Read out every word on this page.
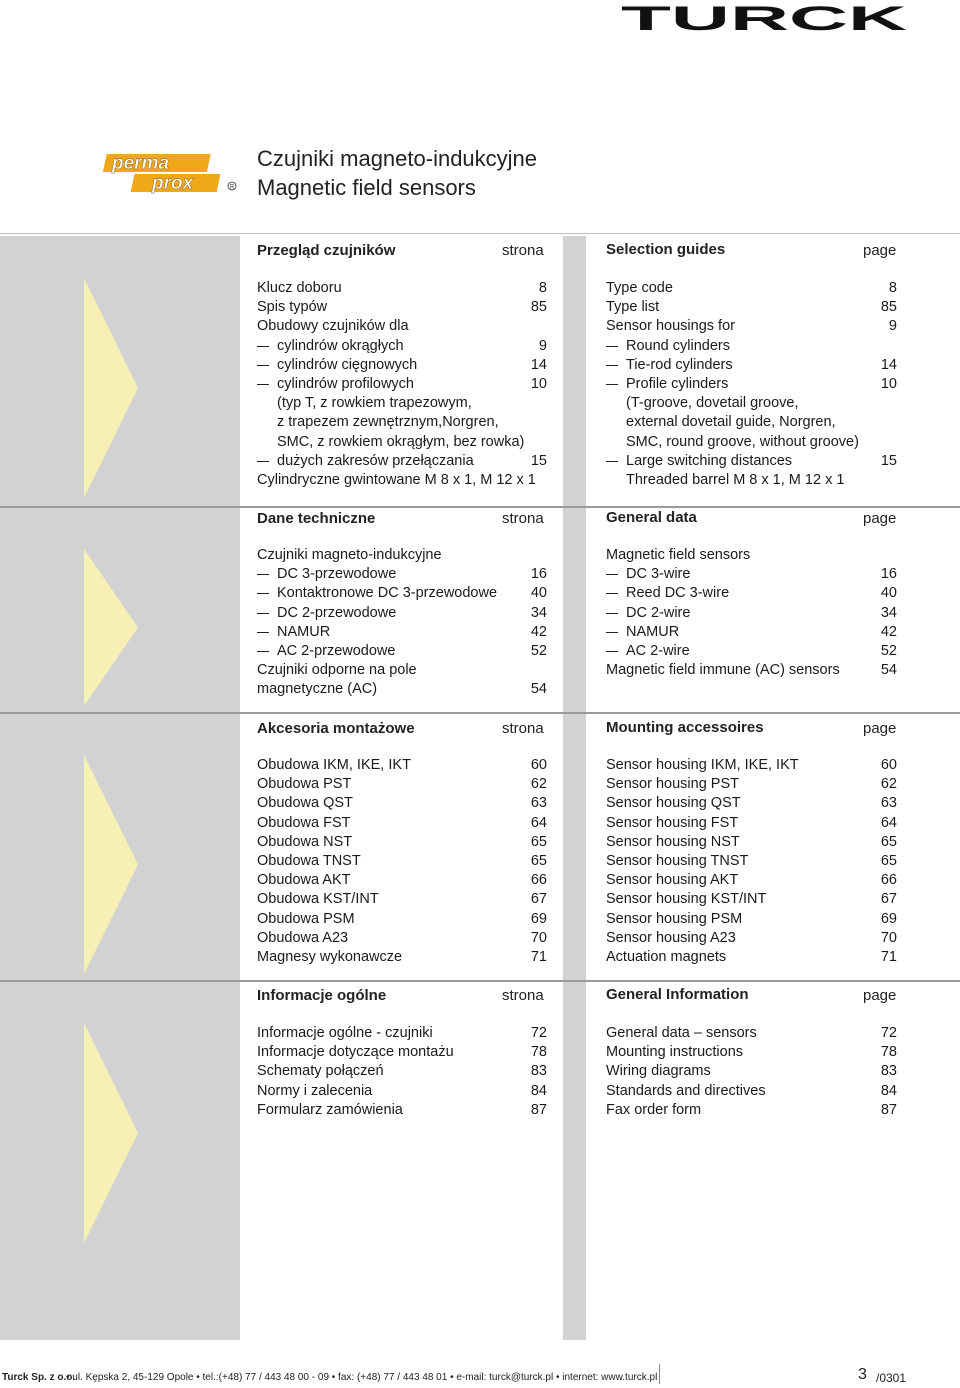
TURCK
perma
prox	R
Czujniki magneto-indukcyjne
Magnetic field sensors
Przegląd czujników	strona	Selection guides	page
Klucz doboru	8
Spis typów	85
Obudowy czujników dla
cylindrów okrągłych	9
cylindrów cięgnowych	14
cylindrów profilowych	10
(typ T, z rowkiem trapezowym,
z trapezem zewnętrznym,Norgren,
SMC, z rowkiem okrągłym, bez rowka)
dużych zakresów przełączania	15
Cylindryczne gwintowane M 8 x 1, M 12 x 1
Type code	8
Type list	85
Sensor housings for	9
Round cylinders
Tie-rod cylinders	14
Profile cylinders	10
(T-groove, dovetail groove,
external dovetail guide, Norgren,
SMC, round groove, without groove)
Large switching distances	15
Threaded barrel M 8 x 1, M 12 x 1
Dane techniczne	strona	General data	page
Czujniki magneto-indukcyjne
DC 3-przewodowe	16
Kontaktronowe DC 3-przewodowe 40
DC 2-przewodowe	34
NAMUR	42
AC 2-przewodowe	52
Czujniki odporne na pole
magnetyczne (AC)	54
Magnetic field sensors
DC 3-wire	16
Reed DC 3-wire	40
DC 2-wire	34
NAMUR	42
AC 2-wire	52
Magnetic field immune (AC) sensors	54
Akcesoria montażowe	strona	Mounting accessoires	page
Obudowa IKM, IKE, IKT	60
Obudowa PST	62
Obudowa QST	63
Obudowa FST	64
Obudowa NST	65
Obudowa TNST	65
Obudowa AKT	66
Obudowa KST/INT	67
Obudowa PSM	69
Obudowa A23	70
Magnesy wykonawcze	71
Sensor housing IKM, IKE, IKT	60
Sensor housing PST	62
Sensor housing QST	63
Sensor housing FST	64
Sensor housing NST	65
Sensor housing TNST	65
Sensor housing AKT	66
Sensor housing KST/INT	67
Sensor housing PSM	69
Sensor housing A23	70
Actuation magnets	71
Informacje ogólne	strona	General Information	page
Informacje ogólne - czujniki	72
Informacje dotyczące montażu	78
Schematy połączeń	83
Normy i zalecenia	84
Formularz zamówienia	87
General data – sensors	72
Mounting instructions	78
Wiring diagrams	83
Standards and directives	84
Fax order form	87
Turck Sp. z o.o.
• ul. Kępska 2, 45-129 Opole • tel.:(+48) 77 / 443 48 00 - 09 • fax: (+48) 77 / 443 48 01 • e-mail: turck@turck.pl • internet: www.turck.pl	3 /0301
